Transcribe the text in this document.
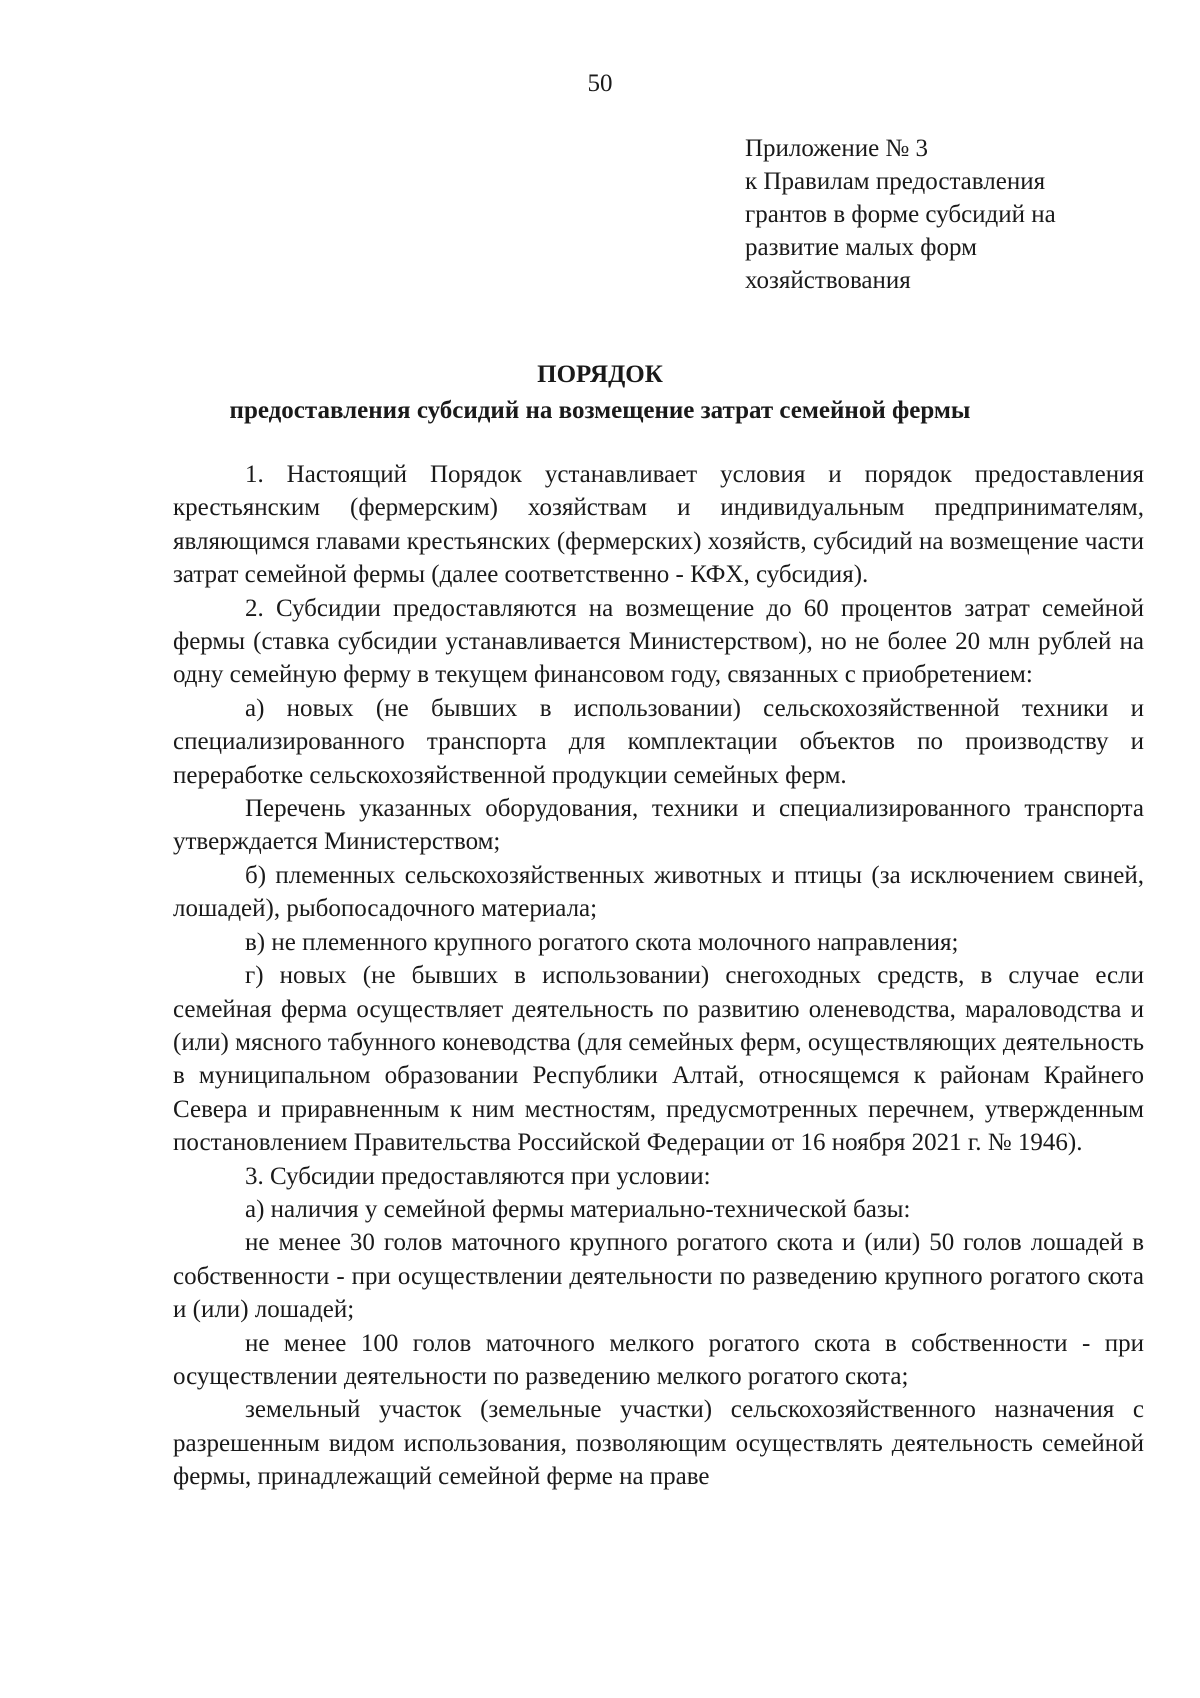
50
Приложение № 3
к Правилам предоставления
грантов в форме субсидий на
развитие малых форм
хозяйствования
ПОРЯДОК
предоставления субсидий на возмещение затрат семейной фермы

1. Настоящий Порядок устанавливает условия и порядок предоставления крестьянским (фермерским) хозяйствам и индивидуальным предпринимателям, являющимся главами крестьянских (фермерских) хозяйств, субсидий на возмещение части затрат семейной фермы (далее соответственно - КФХ, субсидия).

2. Субсидии предоставляются на возмещение до 60 процентов затрат семейной фермы (ставка субсидии устанавливается Министерством), но не более 20 млн рублей на одну семейную ферму в текущем финансовом году, связанных с приобретением:

а) новых (не бывших в использовании) сельскохозяйственной техники и специализированного транспорта для комплектации объектов по производству и переработке сельскохозяйственной продукции семейных ферм.

Перечень указанных оборудования, техники и специализированного транспорта утверждается Министерством;

б) племенных сельскохозяйственных животных и птицы (за исключением свиней, лошадей), рыбопосадочного материала;

в) не племенного крупного рогатого скота молочного направления;

г) новых (не бывших в использовании) снегоходных средств, в случае если семейная ферма осуществляет деятельность по развитию оленеводства, мараловодства и (или) мясного табунного коневодства (для семейных ферм, осуществляющих деятельность в муниципальном образовании Республики Алтай, относящемся к районам Крайнего Севера и приравненным к ним местностям, предусмотренных перечнем, утвержденным постановлением Правительства Российской Федерации от 16 ноября 2021 г. № 1946).

3. Субсидии предоставляются при условии:

а) наличия у семейной фермы материально-технической базы:

не менее 30 голов маточного крупного рогатого скота и (или) 50 голов лошадей в собственности - при осуществлении деятельности по разведению крупного рогатого скота и (или) лошадей;

не менее 100 голов маточного мелкого рогатого скота в собственности - при осуществлении деятельности по разведению мелкого рогатого скота;

земельный участок (земельные участки) сельскохозяйственного назначения с разрешенным видом использования, позволяющим осуществлять деятельность семейной фермы, принадлежащий семейной ферме на праве
